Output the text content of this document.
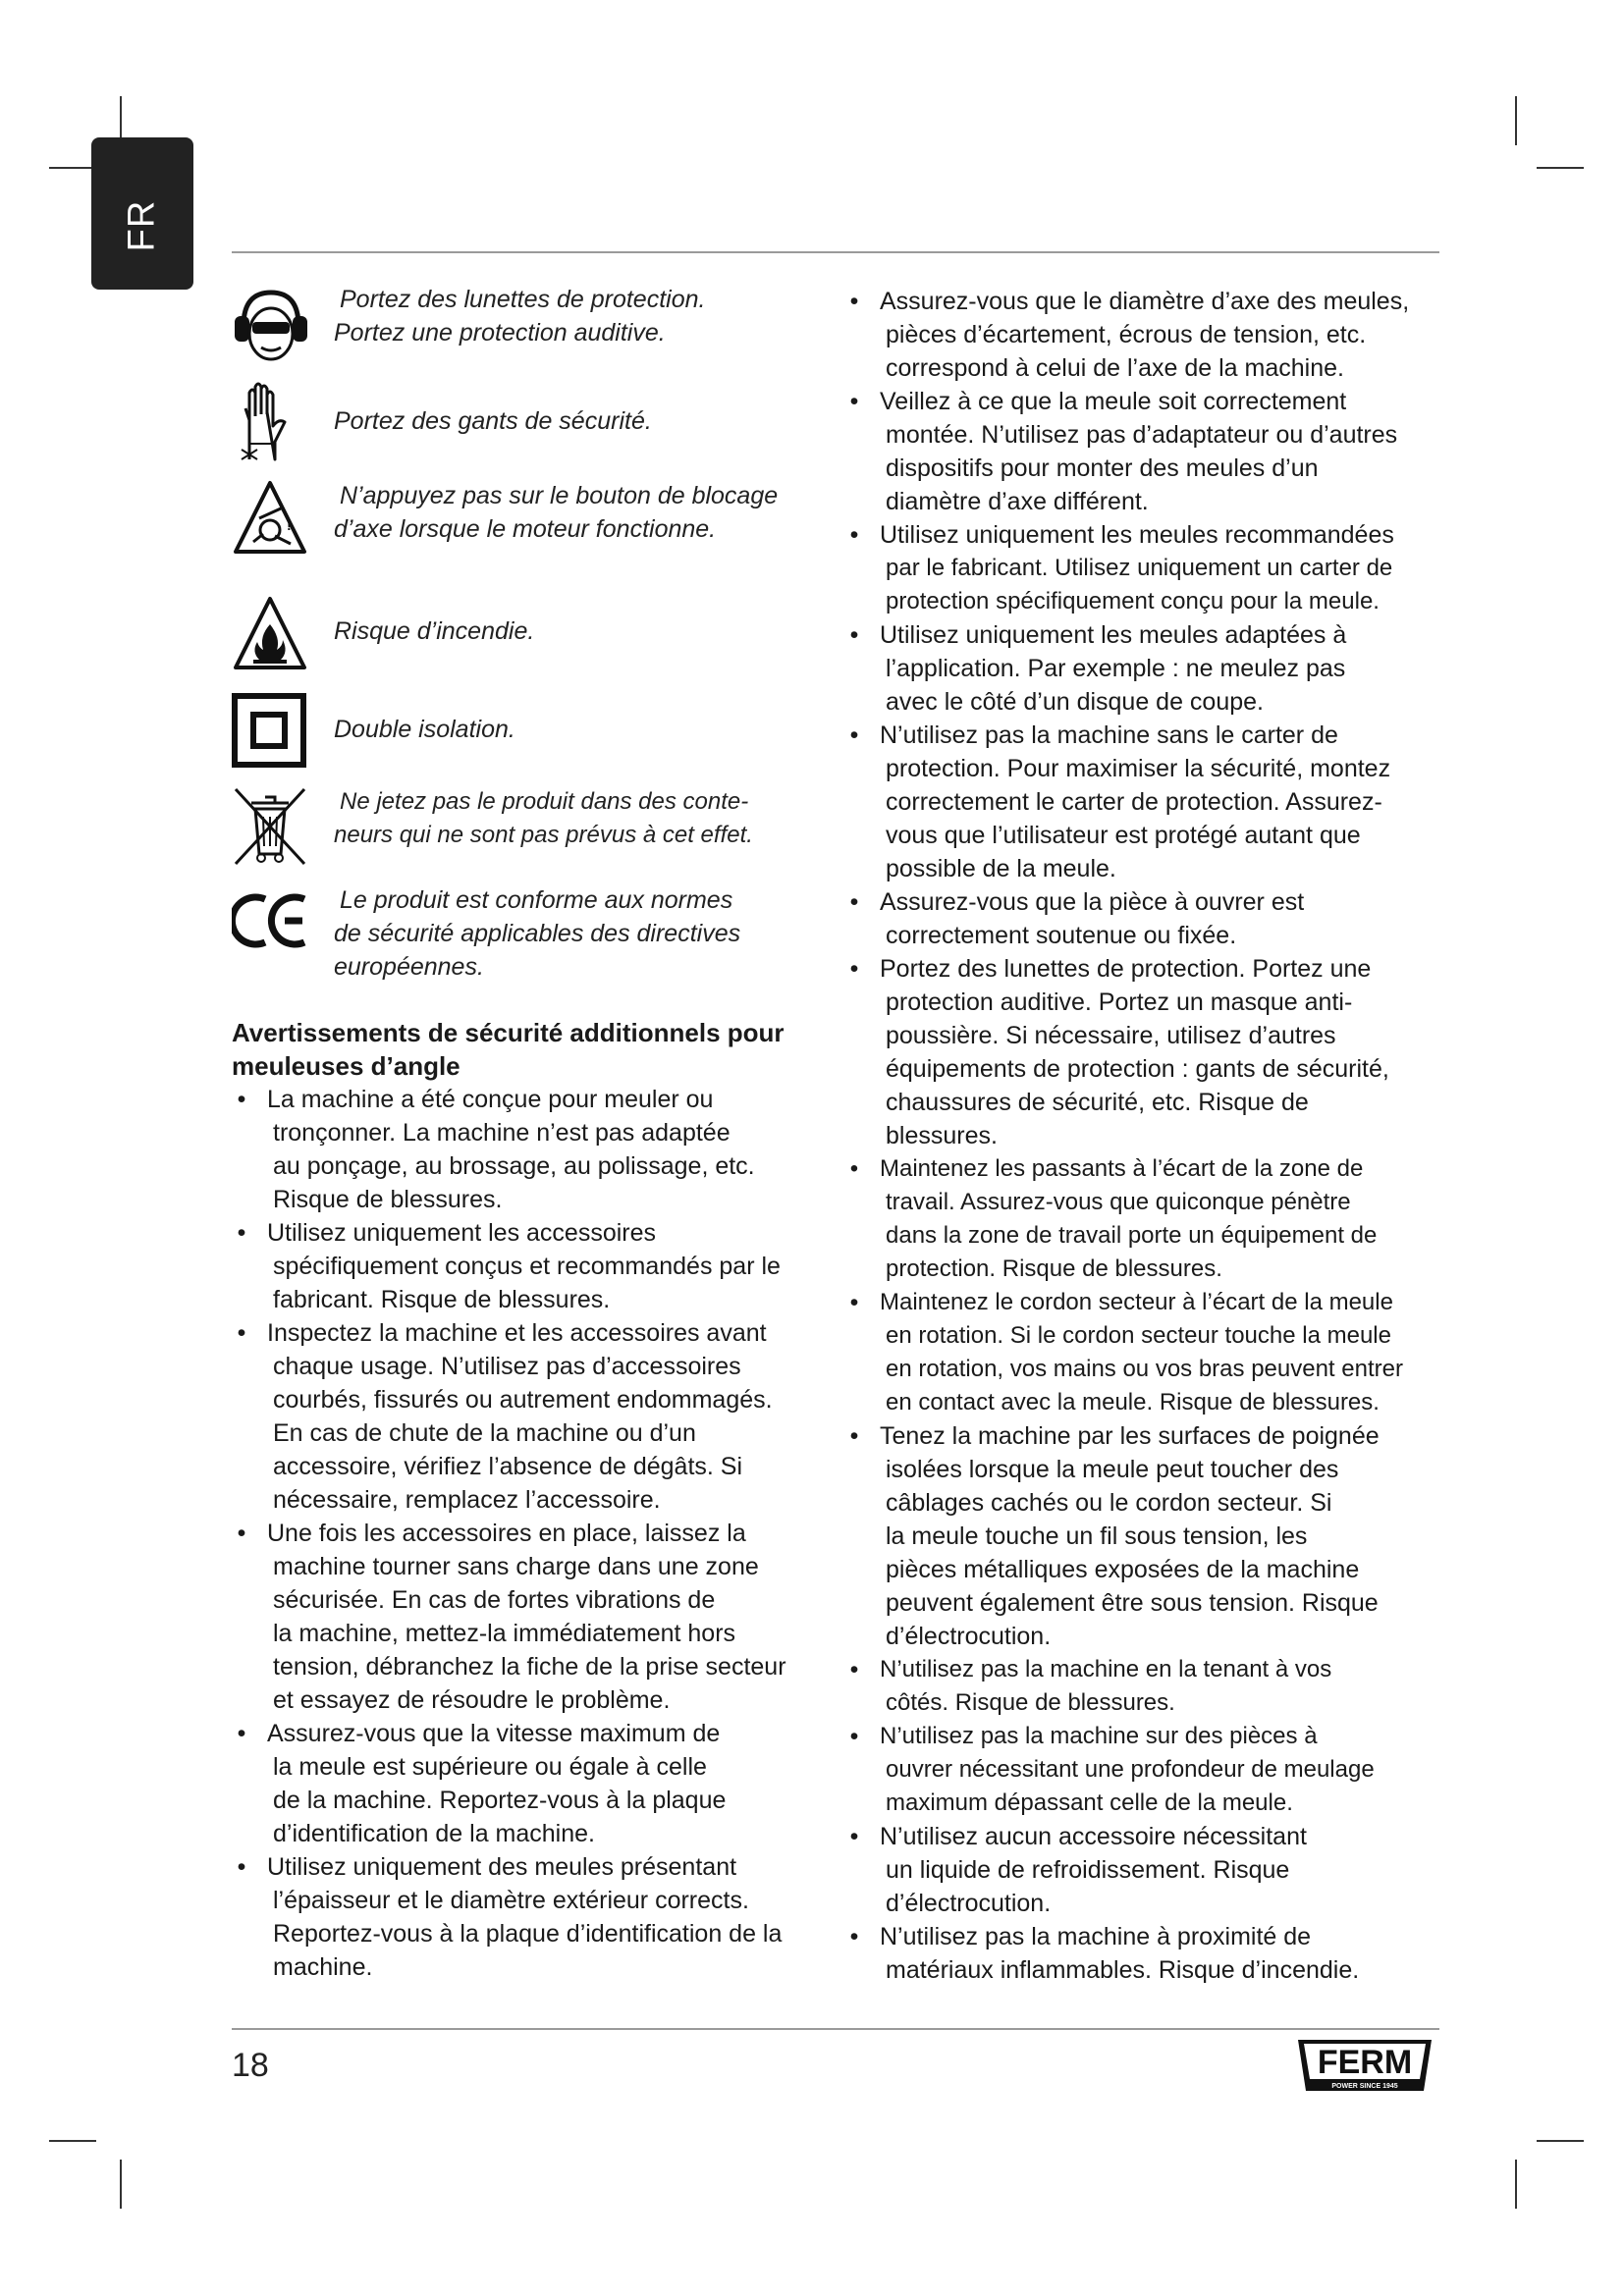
FR
Portez des lunettes de protection.
Portez une protection auditive.
Portez des gants de sécurité.
!
N’appuyez pas sur le bouton de blocage
d’axe lorsque le moteur fonctionne.
Risque d’incendie.
Double isolation.
Ne jetez pas le produit dans des conte-
neurs qui ne sont pas prévus à cet effet.
Le produit est conforme aux normes
de sécurité applicables des directives
européennes.
Avertissements de sécurité additionnels pour
meuleuses d’angle
• La machine a été conçue pour meuler ou
tronçonner. La machine n’est pas adaptée
au ponçage, au brossage, au polissage, etc.
Risque de blessures.
• Utilisez uniquement les accessoires
spécifiquement conçus et recommandés par le
fabricant. Risque de blessures.
• Inspectez la machine et les accessoires avant
chaque usage. N’utilisez pas d’accessoires
courbés, fissurés ou autrement endommagés.
En cas de chute de la machine ou d’un
accessoire, vérifiez l’absence de dégâts. Si
nécessaire, remplacez l’accessoire.
• Une fois les accessoires en place, laissez la
machine tourner sans charge dans une zone
sécurisée. En cas de fortes vibrations de
la machine, mettez-la immédiatement hors
tension, débranchez la fiche de la prise secteur
et essayez de résoudre le problème.
• Assurez-vous que la vitesse maximum de
la meule est supérieure ou égale à celle
de la machine. Reportez-vous à la plaque
d’identification de la machine.
• Utilisez uniquement des meules présentant
l’épaisseur et le diamètre extérieur corrects.
Reportez-vous à la plaque d’identification de la
machine.
• Assurez-vous que le diamètre d’axe des meules,
pièces d’écartement, écrous de tension, etc.
correspond à celui de l’axe de la machine.
• Veillez à ce que la meule soit correctement
montée. N’utilisez pas d’adaptateur ou d’autres
dispositifs pour monter des meules d’un
diamètre d’axe différent.
• Utilisez uniquement les meules recommandées
par le fabricant. Utilisez uniquement un carter de
protection spécifiquement conçu pour la meule.
• Utilisez uniquement les meules adaptées à
l’application. Par exemple : ne meulez pas
avec le côté d’un disque de coupe.
• N’utilisez pas la machine sans le carter de
protection. Pour maximiser la sécurité, montez
correctement le carter de protection. Assurez-
vous que l’utilisateur est protégé autant que
possible de la meule.
• Assurez-vous que la pièce à ouvrer est
correctement soutenue ou fixée.
• Portez des lunettes de protection. Portez une
protection auditive. Portez un masque anti-
poussière. Si nécessaire, utilisez d’autres
équipements de protection : gants de sécurité,
chaussures de sécurité, etc. Risque de
blessures.
• Maintenez les passants à l’écart de la zone de
travail. Assurez-vous que quiconque pénètre
dans la zone de travail porte un équipement de
protection. Risque de blessures.
• Maintenez le cordon secteur à l’écart de la meule
en rotation. Si le cordon secteur touche la meule
en rotation, vos mains ou vos bras peuvent entrer
en contact avec la meule. Risque de blessures.
• Tenez la machine par les surfaces de poignée
isolées lorsque la meule peut toucher des
câblages cachés ou le cordon secteur. Si
la meule touche un fil sous tension, les
pièces métalliques exposées de la machine
peuvent également être sous tension. Risque
d’électrocution.
• N’utilisez pas la machine en la tenant à vos
côtés. Risque de blessures.
• N’utilisez pas la machine sur des pièces à
ouvrer nécessitant une profondeur de meulage
maximum dépassant celle de la meule.
• N’utilisez aucun accessoire nécessitant
un liquide de refroidissement. Risque
d’électrocution.
• N’utilisez pas la machine à proximité de
matériaux inflammables. Risque d’incendie.
18	FERM
POWER SINCE 1945
